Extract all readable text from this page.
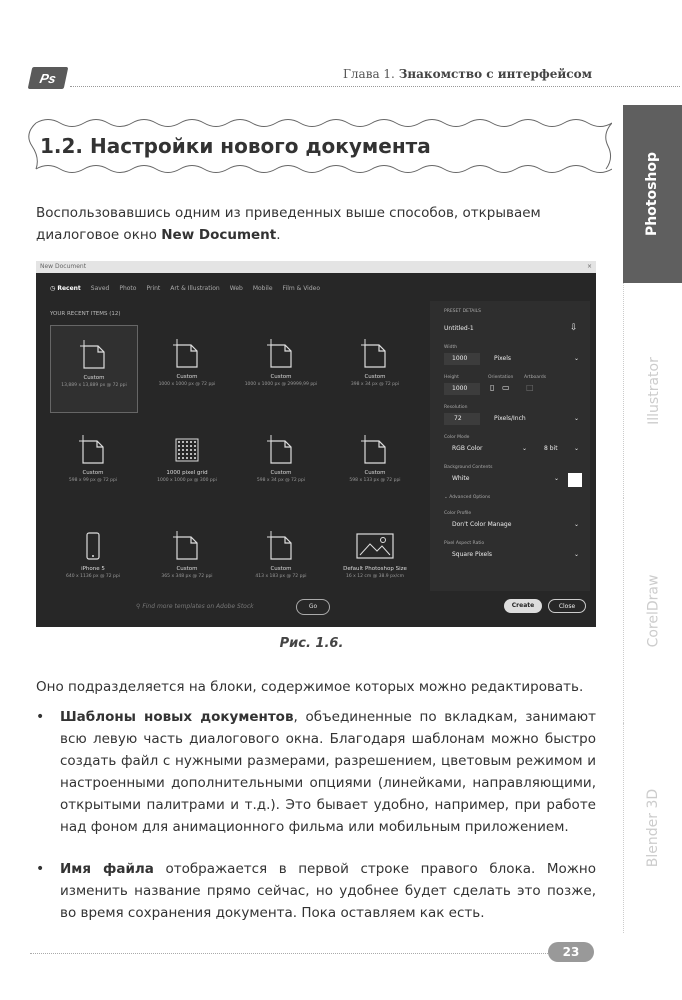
Ps	Глава 1. Знакомство с интерфейсом
Photoshop
Illustrator
CorelDraw
Blender 3D
1.2. Настройки нового документа
Воспользовавшись одним из приведенных выше способов, открываем диалоговое окно New Document.
New Document	×
◷ Recent Saved Photo Print Art & Illustration Web Mobile Film & Video
YOUR RECENT ITEMS (12)
⚲ Find more templates on Adobe Stock	Go
PRESET DETAILS
Untitled-1	⇩
Width
1000	Pixels	⌄
Height	Orientation Artboards
1000	▯ ▭ □
Resolution
72	Pixels/Inch	⌄
Color Mode
RGB Color	⌄	8 bit	⌄
Background Contents
White	⌄
⌄ Advanced Options
Color Profile
Don't Color Manage	⌄
Pixel Aspect Ratio
Square Pixels	⌄
Create	Close
Custom
13,889 x 13,889 px @ 72 ppi
Custom
1000 x 1000 px @ 72 ppi
Custom
1000 x 1000 px @ 29999,99 ppi
Custom
398 x 34 px @ 72 ppi
Custom
598 x 99 px @ 72 ppi
1000 pixel grid
1000 x 1000 px @ 300 ppi
Custom
598 x 34 px @ 72 ppi
Custom
598 x 133 px @ 72 ppi
iPhone 5
640 x 1136 px @ 72 ppi
Custom
365 x 348 px @ 72 ppi
Custom
413 x 183 px @ 72 ppi
Default Photoshop Size
16 x 12 cm @ 38.9 px/cm
Рис. 1.6.
Оно подразделяется на блоки, содержимое которых можно редактировать.
• Шаблоны новых документов, объединенные по вкладкам, занимают всю левую часть диалогового окна. Благодаря шаблонам можно быстро создать файл с нужными размерами, разрешением, цветовым режимом и настроенными дополнительными опциями (линейками, направляющими, открытыми палитрами и т.д.). Это бывает удобно, например, при работе над фоном для анимационного фильма или мобильным приложением.
• Имя файла отображается в первой строке правого блока. Можно изменить название прямо сейчас, но удобнее будет сделать это позже, во время сохранения документа. Пока оставляем как есть.
23
